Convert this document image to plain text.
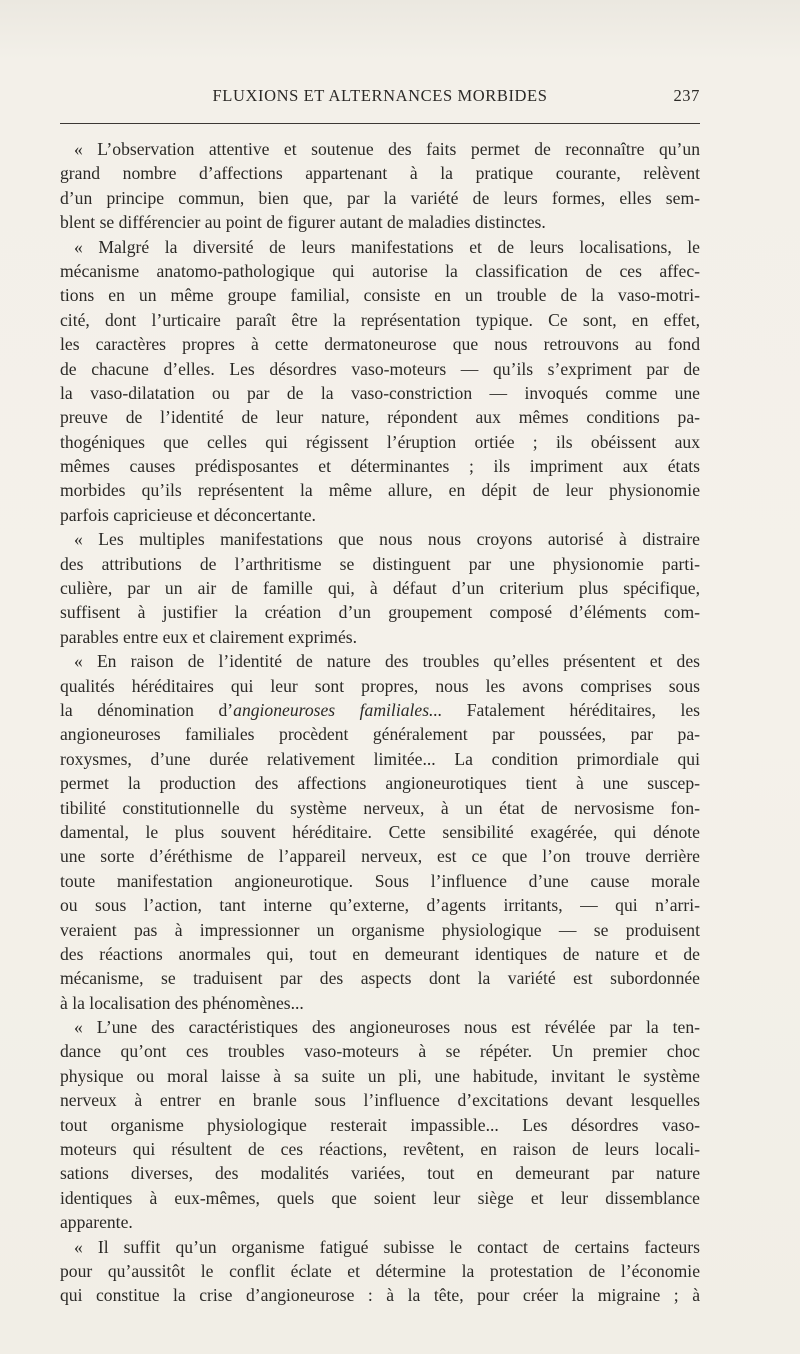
FLUXIONS ET ALTERNANCES MORBIDES	237
« L’observation attentive et soutenue des faits permet de reconnaître qu’un
grand nombre d’affections appartenant à la pratique courante, relèvent
d’un principe commun, bien que, par la variété de leurs formes, elles sem-
blent se différencier au point de figurer autant de maladies distinctes.
« Malgré la diversité de leurs manifestations et de leurs localisations, le
mécanisme anatomo-pathologique qui autorise la classification de ces affec-
tions en un même groupe familial, consiste en un trouble de la vaso-motri-
cité, dont l’urticaire paraît être la représentation typique. Ce sont, en effet,
les caractères propres à cette dermatoneurose que nous retrouvons au fond
de chacune d’elles. Les désordres vaso-moteurs — qu’ils s’expriment par de
la vaso-dilatation ou par de la vaso-constriction — invoqués comme une
preuve de l’identité de leur nature, répondent aux mêmes conditions pa-
thogéniques que celles qui régissent l’éruption ortiée ; ils obéissent aux
mêmes causes prédisposantes et déterminantes ; ils impriment aux états
morbides qu’ils représentent la même allure, en dépit de leur physionomie
parfois capricieuse et déconcertante.
« Les multiples manifestations que nous nous croyons autorisé à distraire
des attributions de l’arthritisme se distinguent par une physionomie parti-
culière, par un air de famille qui, à défaut d’un criterium plus spécifique,
suffisent à justifier la création d’un groupement composé d’éléments com-
parables entre eux et clairement exprimés.
« En raison de l’identité de nature des troubles qu’elles présentent et des
qualités héréditaires qui leur sont propres, nous les avons comprises sous
la dénomination d’angioneuroses familiales... Fatalement héréditaires, les
angioneuroses familiales procèdent généralement par poussées, par pa-
roxysmes, d’une durée relativement limitée... La condition primordiale qui
permet la production des affections angioneurotiques tient à une suscep-
tibilité constitutionnelle du système nerveux, à un état de nervosisme fon-
damental, le plus souvent héréditaire. Cette sensibilité exagérée, qui dénote
une sorte d’éréthisme de l’appareil nerveux, est ce que l’on trouve derrière
toute manifestation angioneurotique. Sous l’influence d’une cause morale
ou sous l’action, tant interne qu’externe, d’agents irritants, — qui n’arri-
veraient pas à impressionner un organisme physiologique — se produisent
des réactions anormales qui, tout en demeurant identiques de nature et de
mécanisme, se traduisent par des aspects dont la variété est subordonnée
à la localisation des phénomènes...
« L’une des caractéristiques des angioneuroses nous est révélée par la ten-
dance qu’ont ces troubles vaso-moteurs à se répéter. Un premier choc
physique ou moral laisse à sa suite un pli, une habitude, invitant le système
nerveux à entrer en branle sous l’influence d’excitations devant lesquelles
tout organisme physiologique resterait impassible... Les désordres vaso-
moteurs qui résultent de ces réactions, revêtent, en raison de leurs locali-
sations diverses, des modalités variées, tout en demeurant par nature
identiques à eux-mêmes, quels que soient leur siège et leur dissemblance
apparente.
« Il suffit qu’un organisme fatigué subisse le contact de certains facteurs
pour qu’aussitôt le conflit éclate et détermine la protestation de l’économie
qui constitue la crise d’angioneurose : à la tête, pour créer la migraine ; à
